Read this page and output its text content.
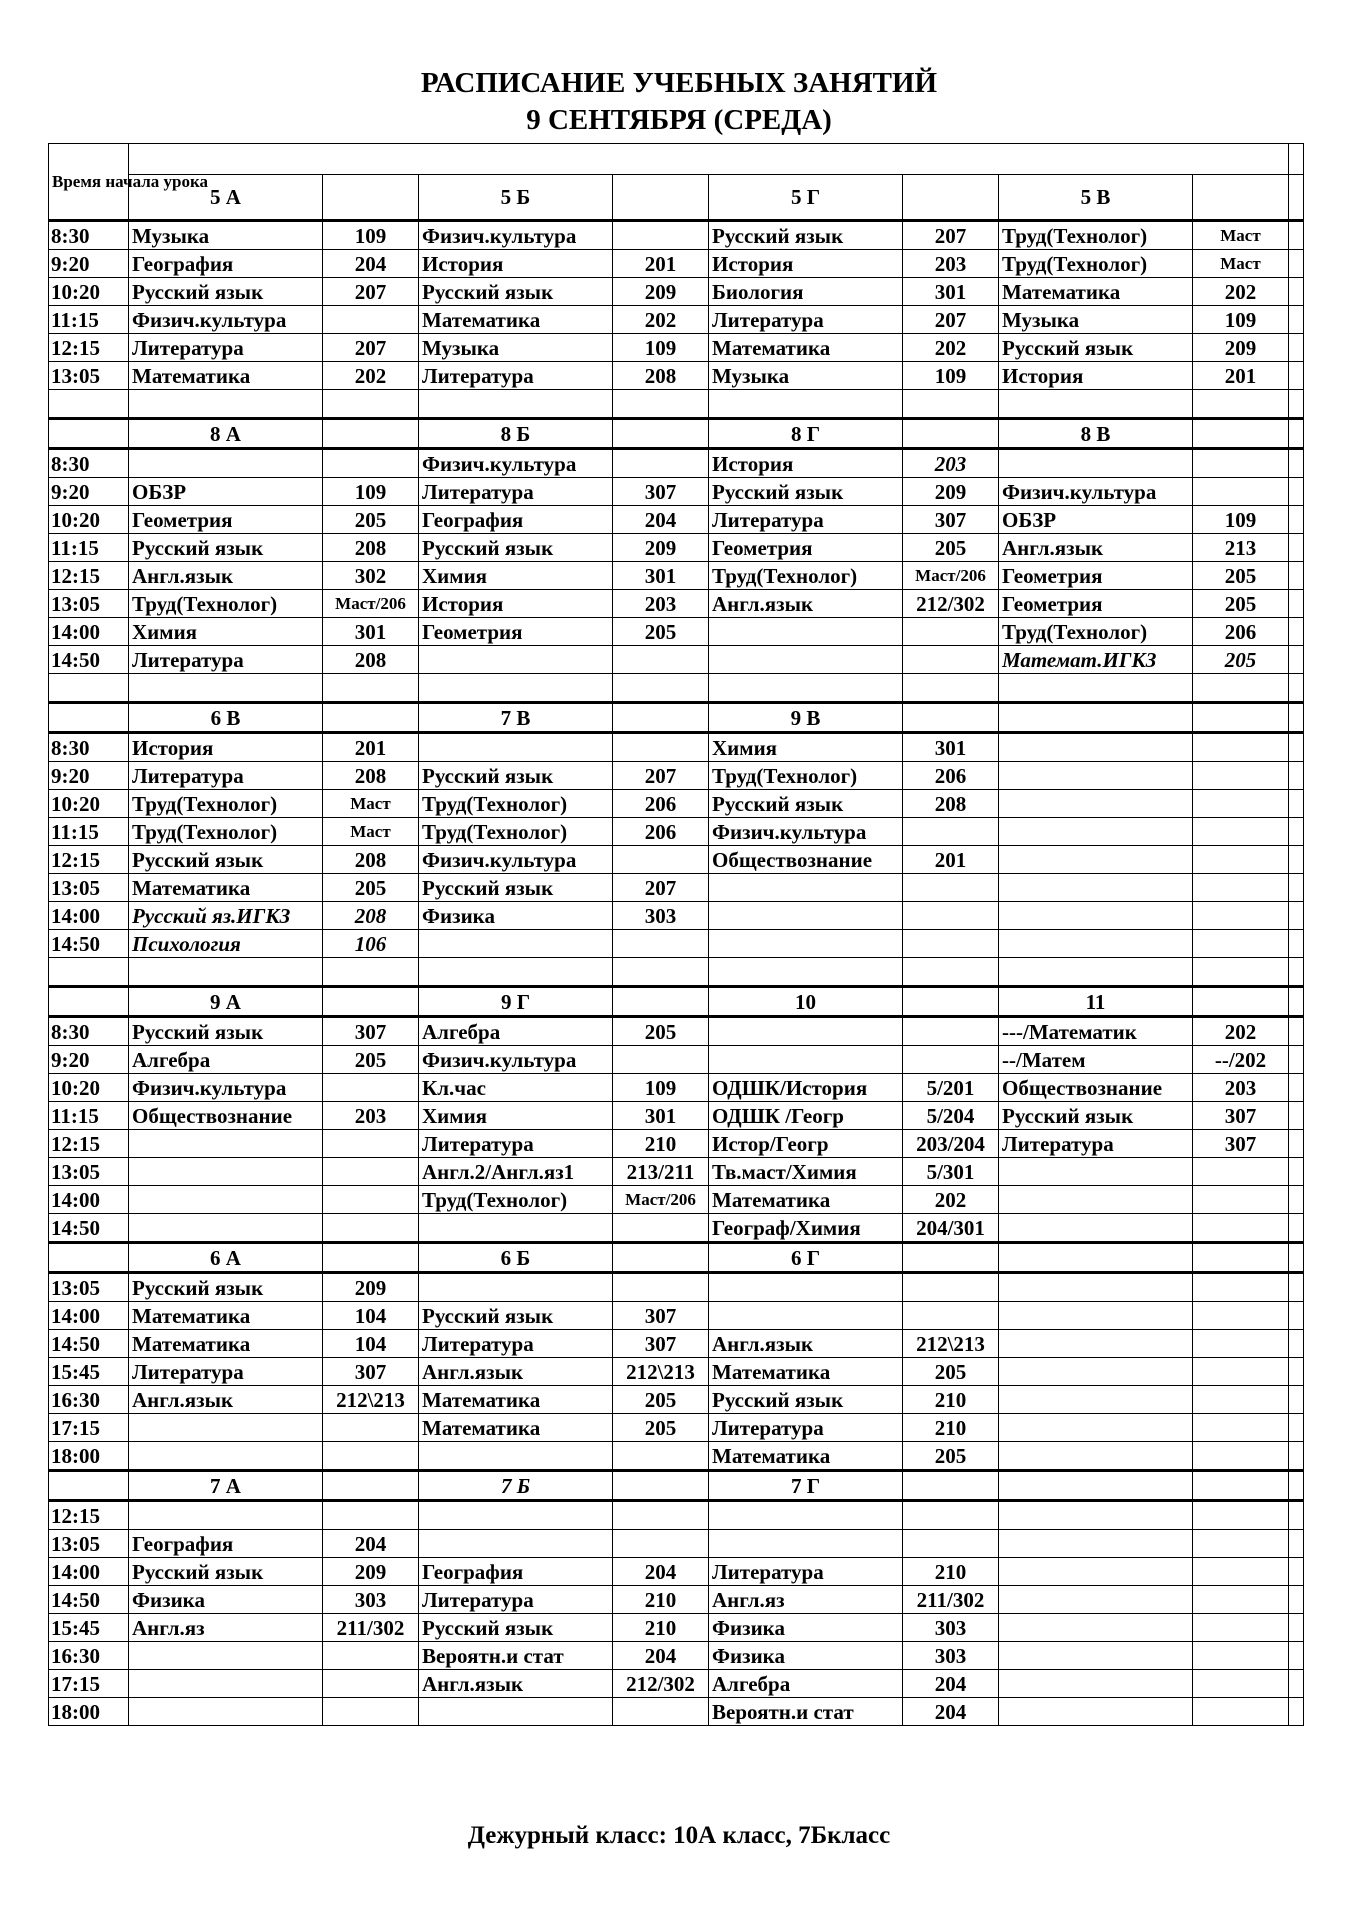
РАСПИСАНИЕ УЧЕБНЫХ ЗАНЯТИЙ
9 СЕНТЯБРЯ (СРЕДА)
Время начала урока									

	5 А		5 Б		5 Г		5 В		
8:30	Музыка	109	Физич.культура		Русский язык	207	Труд(Технолог)	Маст	
9:20	География	204	История	201	История	203	Труд(Технолог)	Маст	
10:20	Русский язык	207	Русский язык	209	Биология	301	Математика	202	
11:15	Физич.культура		Математика	202	Литература	207	Музыка	109	
12:15	Литература	207	Музыка	109	Математика	202	Русский язык	209	
13:05	Математика	202	Литература	208	Музыка	109	История	201	

	8 А		8 Б		8 Г		8 В		
8:30			Физич.культура		История	203			
9:20	ОБЗР	109	Литература	307	Русский язык	209	Физич.культура		
10:20	Геометрия	205	География	204	Литература	307	ОБЗР	109	
11:15	Русский язык	208	Русский язык	209	Геометрия	205	Англ.язык	213	
12:15	Англ.язык	302	Химия	301	Труд(Технолог)	Маст/206	Геометрия	205	
13:05	Труд(Технолог)	Маст/206	История	203	Англ.язык	212/302	Геометрия	205	
14:00	Химия	301	Геометрия	205			Труд(Технолог)	206	
14:50	Литература	208					Математ.ИГКЗ	205	

	6 В		7 В		9 В				
8:30	История	201			Химия	301			
9:20	Литература	208	Русский язык	207	Труд(Технолог)	206			
10:20	Труд(Технолог)	Маст	Труд(Технолог)	206	Русский язык	208			
11:15	Труд(Технолог)	Маст	Труд(Технолог)	206	Физич.культура				
12:15	Русский язык	208	Физич.культура		Обществознание	201			
13:05	Математика	205	Русский язык	207					
14:00	Русский яз.ИГКЗ	208	Физика	303					
14:50	Психология	106							

	9 А		9 Г		10		11		
8:30	Русский язык	307	Алгебра	205			---/Математик	202	
9:20	Алгебра	205	Физич.культура				--/Матем	--/202	
10:20	Физич.культура		Кл.час	109	ОДШК/История	5/201	Обществознание	203	
11:15	Обществознание	203	Химия	301	ОДШК /Геогр	5/204	Русский язык	307	
12:15			Литература	210	Истор/Геогр	203/204	Литература	307	
13:05			Англ.2/Англ.яз1	213/211	Тв.маст/Химия	5/301			
14:00			Труд(Технолог)	Маст/206	Математика	202			
14:50					Географ/Химия	204/301			
	6 А		6 Б		6 Г				
13:05	Русский язык	209							
14:00	Математика	104	Русский язык	307					
14:50	Математика	104	Литература	307	Англ.язык	212\213			
15:45	Литература	307	Англ.язык	212\213	Математика	205			
16:30	Англ.язык	212\213	Математика	205	Русский язык	210			
17:15			Математика	205	Литература	210			
18:00					Математика	205			
	7 А		7 Б		7 Г				
12:15									
13:05	География	204							
14:00	Русский язык	209	География	204	Литература	210			
14:50	Физика	303	Литература	210	Англ.яз	211/302			
15:45	Англ.яз	211/302	Русский язык	210	Физика	303			
16:30			Вероятн.и стат	204	Физика	303			
17:15			Англ.язык	212/302	Алгебра	204			
18:00					Вероятн.и стат	204			
Дежурный класс: 10А класс, 7Бкласс
